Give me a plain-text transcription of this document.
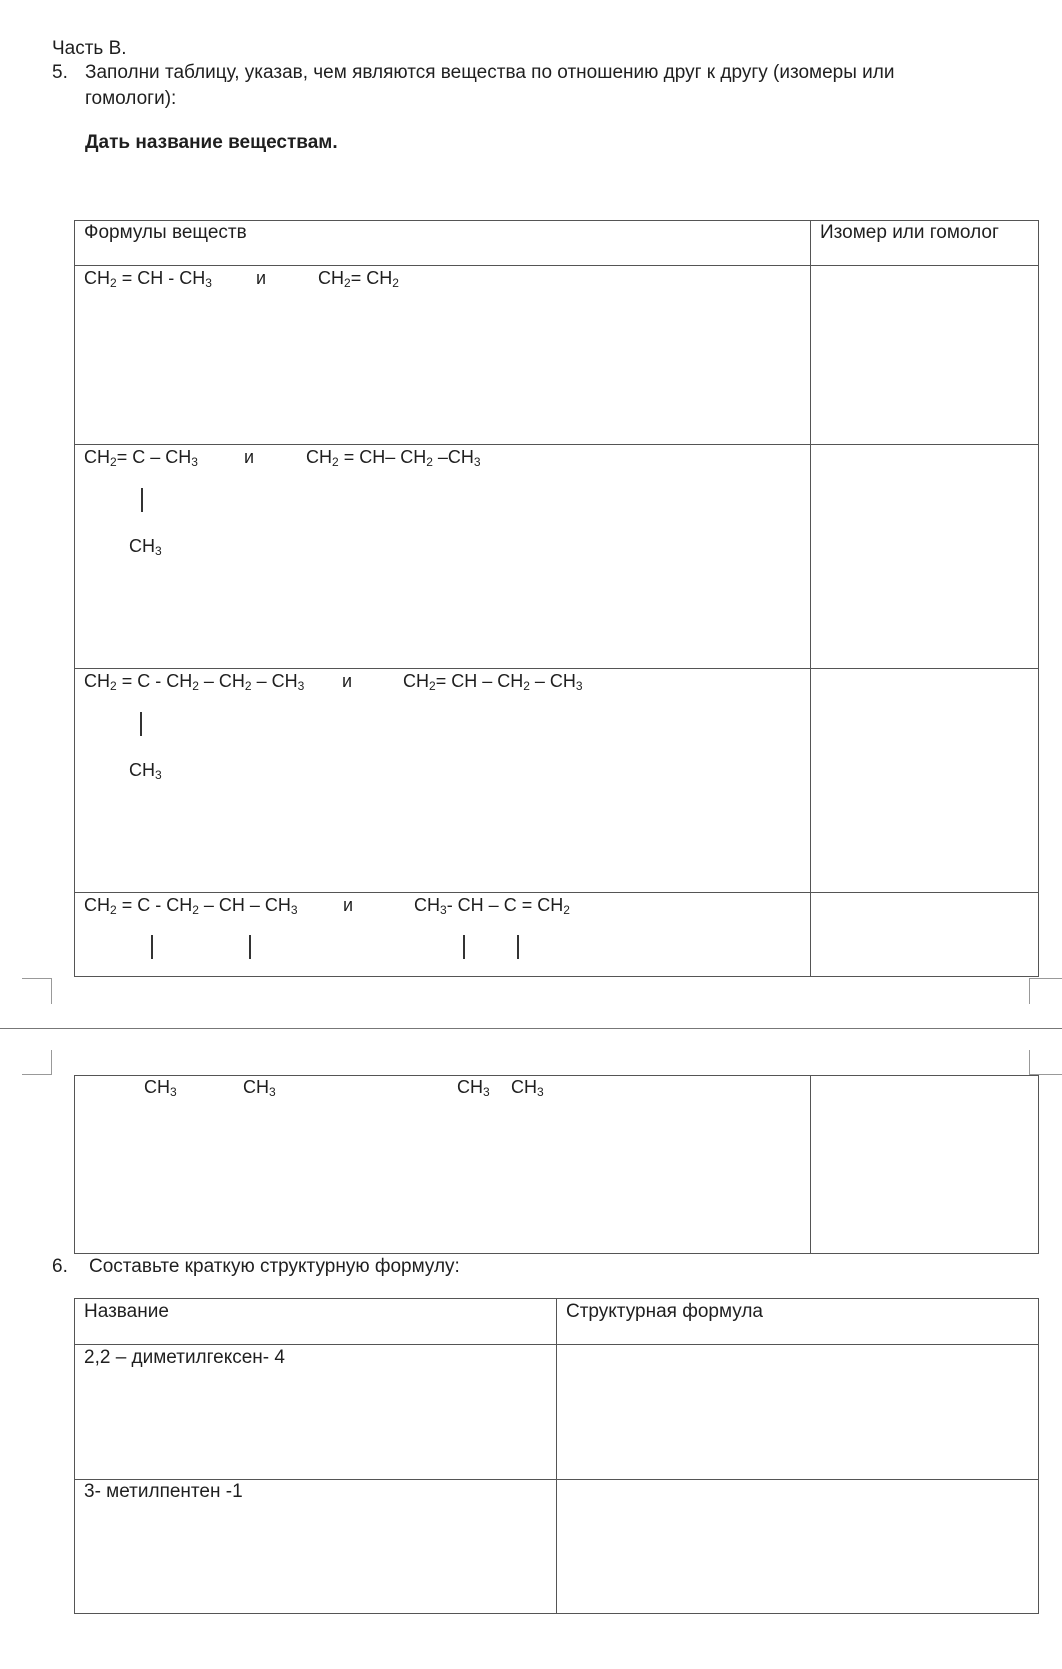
Часть В.
5. Заполни таблицу, указав, чем являются вещества по отношению друг к другу (изомеры или
гомологи):
Дать название веществам.
Формулы веществ	Изомер или гомолог
$CH_2$ = CH - $CH_3$ и	$CH_2= CH_2$
$CH_2= C - CH_3$	и	$CH_2 = CH-$ $CH_2$ $-CH_3$
$CH_3$
$CH_2 = C - CH_2 - CH_2 - CH_3$ и	$CH_2=$ CH – $CH_2 - CH_3$
$CH_3$
$CH_2 = C - CH_2$ – CH – $CH_3$	и	$CH_3-$ CH – $C = CH_2$
$CH_3$	$CH_3$	$CH_3$ $CH_3$
6. Составьте краткую структурную формулу:
Название	Структурная формула
2,2 – диметилгексен- 4
3- метилпентен -1
